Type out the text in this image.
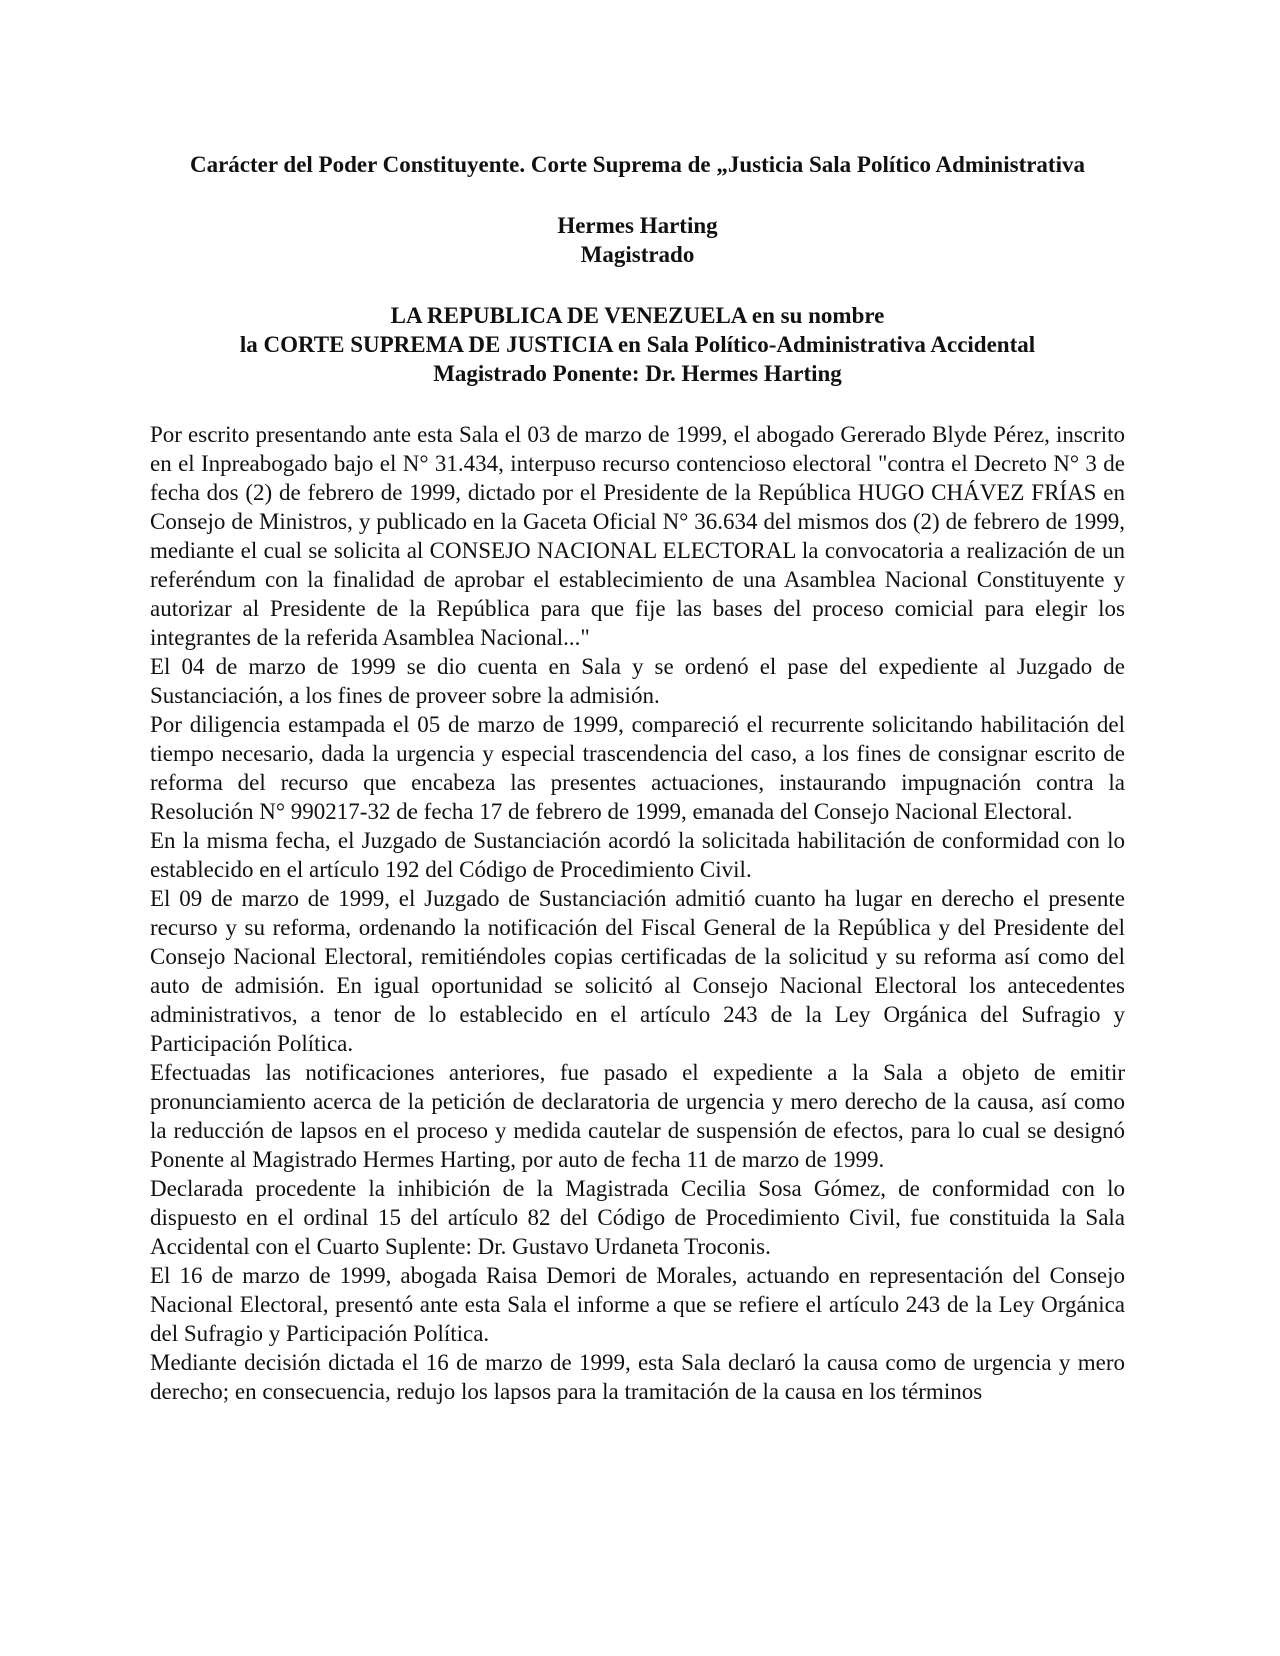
Carácter del Poder Constituyente. Corte Suprema de „Justicia Sala Político Administrativa
Hermes Harting
Magistrado
LA REPUBLICA DE VENEZUELA en su nombre
la CORTE SUPREMA DE JUSTICIA en Sala Político-Administrativa Accidental
Magistrado Ponente: Dr. Hermes Harting

Por escrito presentando ante esta Sala el 03 de marzo de 1999, el abogado Gererado Blyde Pérez, inscrito en el Inpreabogado bajo el N° 31.434, interpuso recurso contencioso electoral "contra el Decreto N° 3 de fecha dos (2) de febrero de 1999, dictado por el Presidente de la República HUGO CHÁVEZ FRÍAS en Consejo de Ministros, y publicado en la Gaceta Oficial N° 36.634 del mismos dos (2) de febrero de 1999, mediante el cual se solicita al CONSEJO NACIONAL ELECTORAL la convocatoria a realización de un referéndum con la finalidad de aprobar el establecimiento de una Asamblea Nacional Constituyente y autorizar al Presidente de la República para que fije las bases del proceso comicial para elegir los integrantes de la referida Asamblea Nacional..."

El 04 de marzo de 1999 se dio cuenta en Sala y se ordenó el pase del expediente al Juzgado de Sustanciación, a los fines de proveer sobre la admisión.

Por diligencia estampada el 05 de marzo de 1999, compareció el recurrente solicitando habilitación del tiempo necesario, dada la urgencia y especial trascendencia del caso, a los fines de consignar escrito de reforma del recurso que encabeza las presentes actuaciones, instaurando impugnación contra la Resolución N° 990217-32 de fecha 17 de febrero de 1999, emanada del Consejo Nacional Electoral.

En la misma fecha, el Juzgado de Sustanciación acordó la solicitada habilitación de conformidad con lo establecido en el artículo 192 del Código de Procedimiento Civil.

El 09 de marzo de 1999, el Juzgado de Sustanciación admitió cuanto ha lugar en derecho el presente recurso y su reforma, ordenando la notificación del Fiscal General de la República y del Presidente del Consejo Nacional Electoral, remitiéndoles copias certificadas de la solicitud y su reforma así como del auto de admisión. En igual oportunidad se solicitó al Consejo Nacional Electoral los antecedentes administrativos, a tenor de lo establecido en el artículo 243 de la Ley Orgánica del Sufragio y Participación Política.

Efectuadas las notificaciones anteriores, fue pasado el expediente a la Sala a objeto de emitir pronunciamiento acerca de la petición de declaratoria de urgencia y mero derecho de la causa, así como la reducción de lapsos en el proceso y medida cautelar de suspensión de efectos, para lo cual se designó Ponente al Magistrado Hermes Harting, por auto de fecha 11 de marzo de 1999.

Declarada procedente la inhibición de la Magistrada Cecilia Sosa Gómez, de conformidad con lo dispuesto en el ordinal 15 del artículo 82 del Código de Procedimiento Civil, fue constituida la Sala Accidental con el Cuarto Suplente: Dr. Gustavo Urdaneta Troconis.

El 16 de marzo de 1999, abogada Raisa Demori de Morales, actuando en representación del Consejo Nacional Electoral, presentó ante esta Sala el informe a que se refiere el artículo 243 de la Ley Orgánica del Sufragio y Participación Política.

Mediante decisión dictada el 16 de marzo de 1999, esta Sala declaró la causa como de urgencia y mero derecho; en consecuencia, redujo los lapsos para la tramitación de la causa en los términos
